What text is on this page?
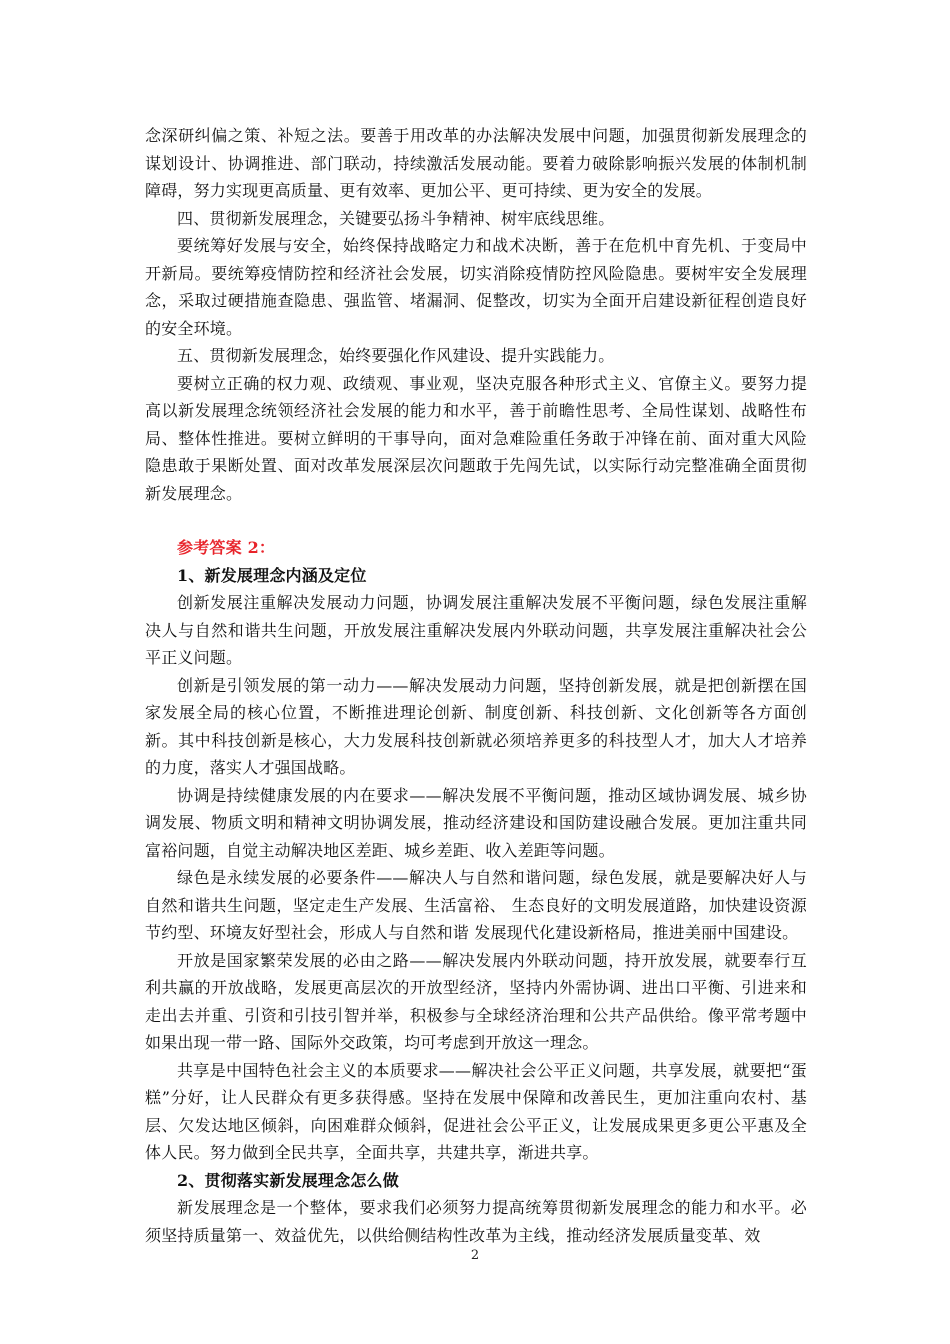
念深研纠偏之策、补短之法。要善于用改革的办法解决发展中问题，加强贯彻新发展理念的谋划设计、协调推进、部门联动，持续激活发展动能。要着力破除影响振兴发展的体制机制障碍，努力实现更高质量、更有效率、更加公平、更可持续、更为安全的发展。

四、贯彻新发展理念，关键要弘扬斗争精神、树牢底线思维。

要统筹好发展与安全，始终保持战略定力和战术决断，善于在危机中育先机、于变局中开新局。要统筹疫情防控和经济社会发展，切实消除疫情防控风险隐患。要树牢安全发展理念，采取过硬措施查隐患、强监管、堵漏洞、促整改，切实为全面开启建设新征程创造良好的安全环境。

五、贯彻新发展理念，始终要强化作风建设、提升实践能力。

要树立正确的权力观、政绩观、事业观，坚决克服各种形式主义、官僚主义。要努力提高以新发展理念统领经济社会发展的能力和水平，善于前瞻性思考、全局性谋划、战略性布局、整体性推进。要树立鲜明的干事导向，面对急难险重任务敢于冲锋在前、面对重大风险隐患敢于果断处置、面对改革发展深层次问题敢于先闯先试，以实际行动完整准确全面贯彻新发展理念。

参考答案 2：

1、新发展理念内涵及定位

创新发展注重解决发展动力问题，协调发展注重解决发展不平衡问题，绿色发展注重解决人与自然和谐共生问题，开放发展注重解决发展内外联动问题，共享发展注重解决社会公平正义问题。

创新是引领发展的第一动力——解决发展动力问题，坚持创新发展，就是把创新摆在国家发展全局的核心位置，不断推进理论创新、制度创新、科技创新、文化创新等各方面创新。其中科技创新是核心，大力发展科技创新就必须培养更多的科技型人才，加大人才培养的力度，落实人才强国战略。

协调是持续健康发展的内在要求——解决发展不平衡问题，推动区域协调发展、城乡协调发展、物质文明和精神文明协调发展，推动经济建设和国防建设融合发展。更加注重共同富裕问题，自觉主动解决地区差距、城乡差距、收入差距等问题。

绿色是永续发展的必要条件——解决人与自然和谐问题，绿色发展，就是要解决好人与自然和谐共生问题，坚定走生产发展、生活富裕、 生态良好的文明发展道路，加快建设资源节约型、环境友好型社会，形成人与自然和谐 发展现代化建设新格局，推进美丽中国建设。

开放是国家繁荣发展的必由之路——解决发展内外联动问题，持开放发展，就要奉行互利共赢的开放战略，发展更高层次的开放型经济，坚持内外需协调、进出口平衡、引进来和走出去并重、引资和引技引智并举，积极参与全球经济治理和公共产品供给。像平常考题中如果出现一带一路、国际外交政策，均可考虑到开放这一理念。

共享是中国特色社会主义的本质要求——解决社会公平正义问题，共享发展，就要把“蛋糕”分好，让人民群众有更多获得感。坚持在发展中保障和改善民生，更加注重向农村、基层、欠发达地区倾斜，向困难群众倾斜，促进社会公平正义，让发展成果更多更公平惠及全体人民。努力做到全民共享，全面共享，共建共享，渐进共享。

2、贯彻落实新发展理念怎么做

新发展理念是一个整体，要求我们必须努力提高统筹贯彻新发展理念的能力和水平。必须坚持质量第一、效益优先，以供给侧结构性改革为主线，推动经济发展质量变革、效

2
